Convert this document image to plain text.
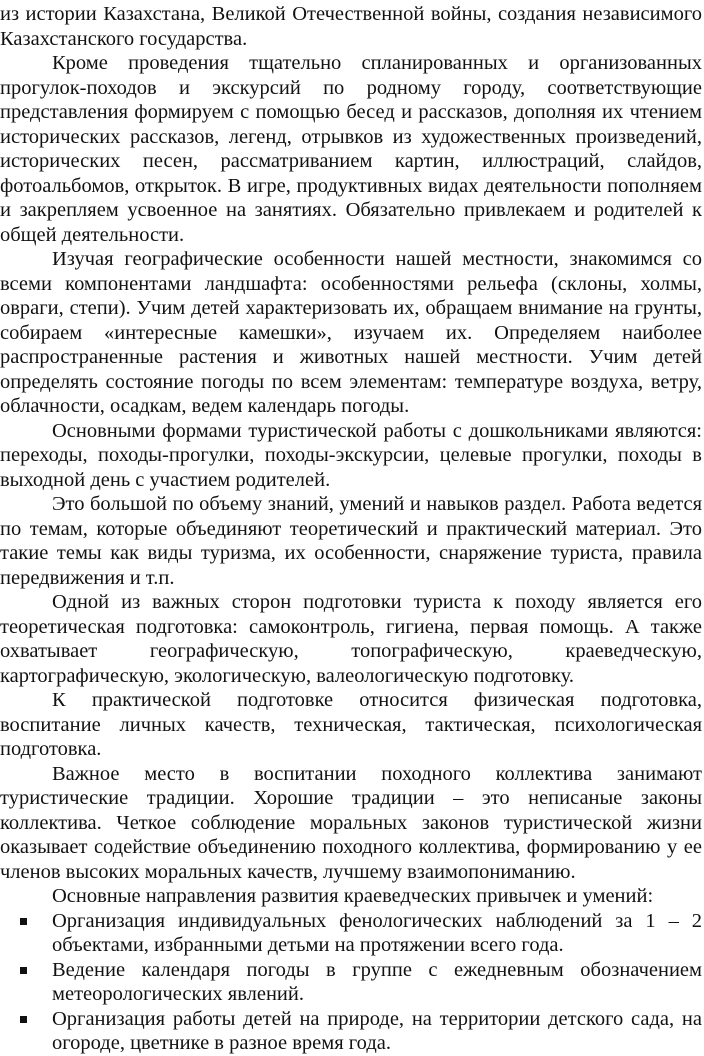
из истории Казахстана, Великой Отечественной войны, создания независимого Казахстанского государства.

Кроме проведения тщательно спланированных и организованных прогулок-походов и экскурсий по родному городу, соответствующие представления формируем с помощью бесед и рассказов, дополняя их чтением исторических рассказов, легенд, отрывков из художественных произведений, исторических песен, рассматриванием картин, иллюстраций, слайдов, фотоальбомов, открыток. В игре, продуктивных видах деятельности пополняем и закрепляем усвоенное на занятиях. Обязательно привлекаем и родителей к общей деятельности.

Изучая географические особенности нашей местности, знакомимся со всеми компонентами ландшафта: особенностями рельефа (склоны, холмы, овраги, степи). Учим детей характеризовать их, обращаем внимание на грунты, собираем «интересные камешки», изучаем их. Определяем наиболее распространенные растения и животных нашей местности. Учим детей определять состояние погоды по всем элементам: температуре воздуха, ветру, облачности, осадкам, ведем календарь погоды.

Основными формами туристической работы с дошкольниками являются: переходы, походы-прогулки, походы-экскурсии, целевые прогулки, походы в выходной день с участием родителей.

Это большой по объему знаний, умений и навыков раздел. Работа ведется по темам, которые объединяют теоретический и практический материал. Это такие темы как виды туризма, их особенности, снаряжение туриста, правила передвижения и т.п.

Одной из важных сторон подготовки туриста к походу является его теоретическая подготовка: самоконтроль, гигиена, первая помощь. А также охватывает географическую, топографическую, краеведческую, картографическую, экологическую, валеологическую подготовку.

К практической подготовке относится физическая подготовка, воспитание личных качеств, техническая, тактическая, психологическая подготовка.

Важное место в воспитании походного коллектива занимают туристические традиции. Хорошие традиции – это неписаные законы коллектива. Четкое соблюдение моральных законов туристической жизни оказывает содействие объединению походного коллектива, формированию у ее членов высоких моральных качеств, лучшему взаимопониманию.

Основные направления развития краеведческих привычек и умений:

Организация индивидуальных фенологических наблюдений за 1 – 2 объектами, избранными детьми на протяжении всего года.
Ведение календаря погоды в группе с ежедневным обозначением метеорологических явлений.
Организация работы детей на природе, на территории детского сада, на огороде, цветнике в разное время года.
